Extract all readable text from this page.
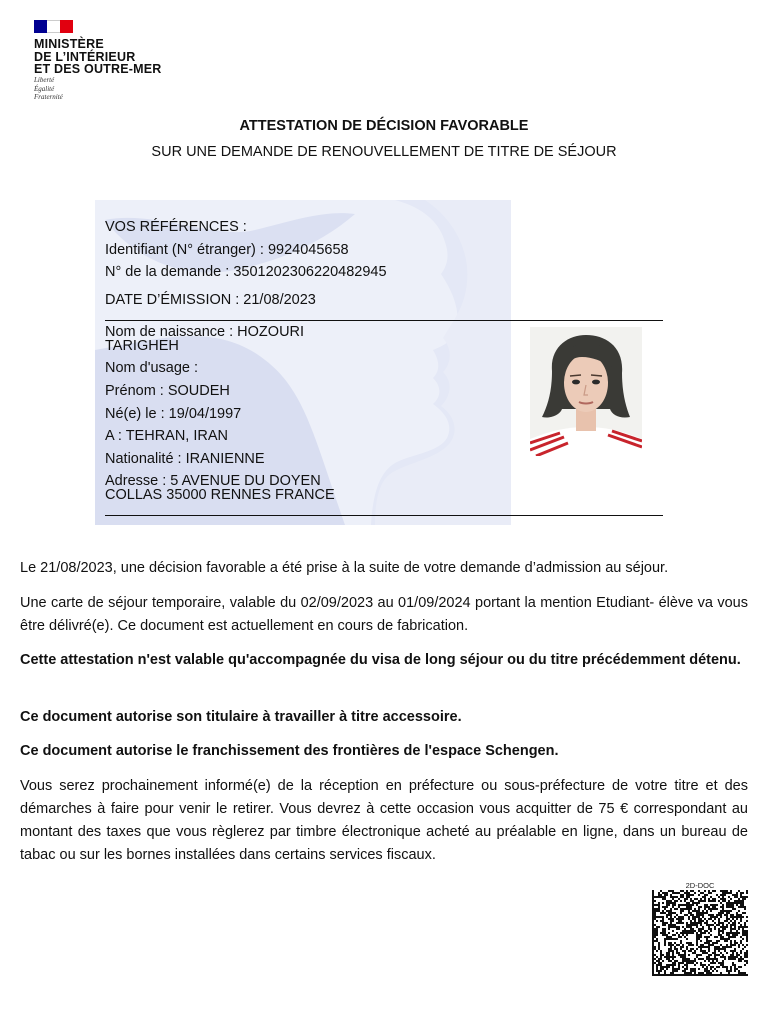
MINISTÈRE
DE L’INTÉRIEUR
ET DES OUTRE-MER
Liberté
Égalité
Fraternité
ATTESTATION DE DÉCISION FAVORABLE
SUR UNE DEMANDE DE RENOUVELLEMENT DE TITRE DE SÉJOUR
VOS RÉFÉRENCES :
Identifiant (N° étranger) : 9924045658
N° de la demande : 3501202306220482945
DATE D’ÉMISSION : 21/08/2023
Nom de naissance : HOZOURI
TARIGHEH
Nom d'usage :
Prénom : SOUDEH
Né(e) le : 19/04/1997
A : TEHRAN, IRAN
Nationalité : IRANIENNE
Adresse : 5 AVENUE DU DOYEN
COLLAS 35000 RENNES FRANCE
Le 21/08/2023, une décision favorable a été prise à la suite de votre demande d’admission au séjour.
Une carte de séjour temporaire, valable du 02/09/2023 au 01/09/2024 portant la mention Etudiant- élève va vous être délivré(e). Ce document est actuellement en cours de fabrication.
Cette attestation n'est valable qu'accompagnée du visa de long séjour ou du titre précédemment détenu.
Ce document autorise son titulaire à travailler à titre accessoire.
Ce document autorise le franchissement des frontières de l'espace Schengen.
Vous serez prochainement informé(e) de la réception en préfecture ou sous-préfecture de votre titre et des démarches à faire pour venir le retirer. Vous devrez à cette occasion vous acquitter de 75 € correspondant au montant des taxes que vous règlerez par timbre électronique acheté au préalable en ligne, dans un bureau de tabac ou sur les bornes installées dans certains services fiscaux.
2D-DOC
